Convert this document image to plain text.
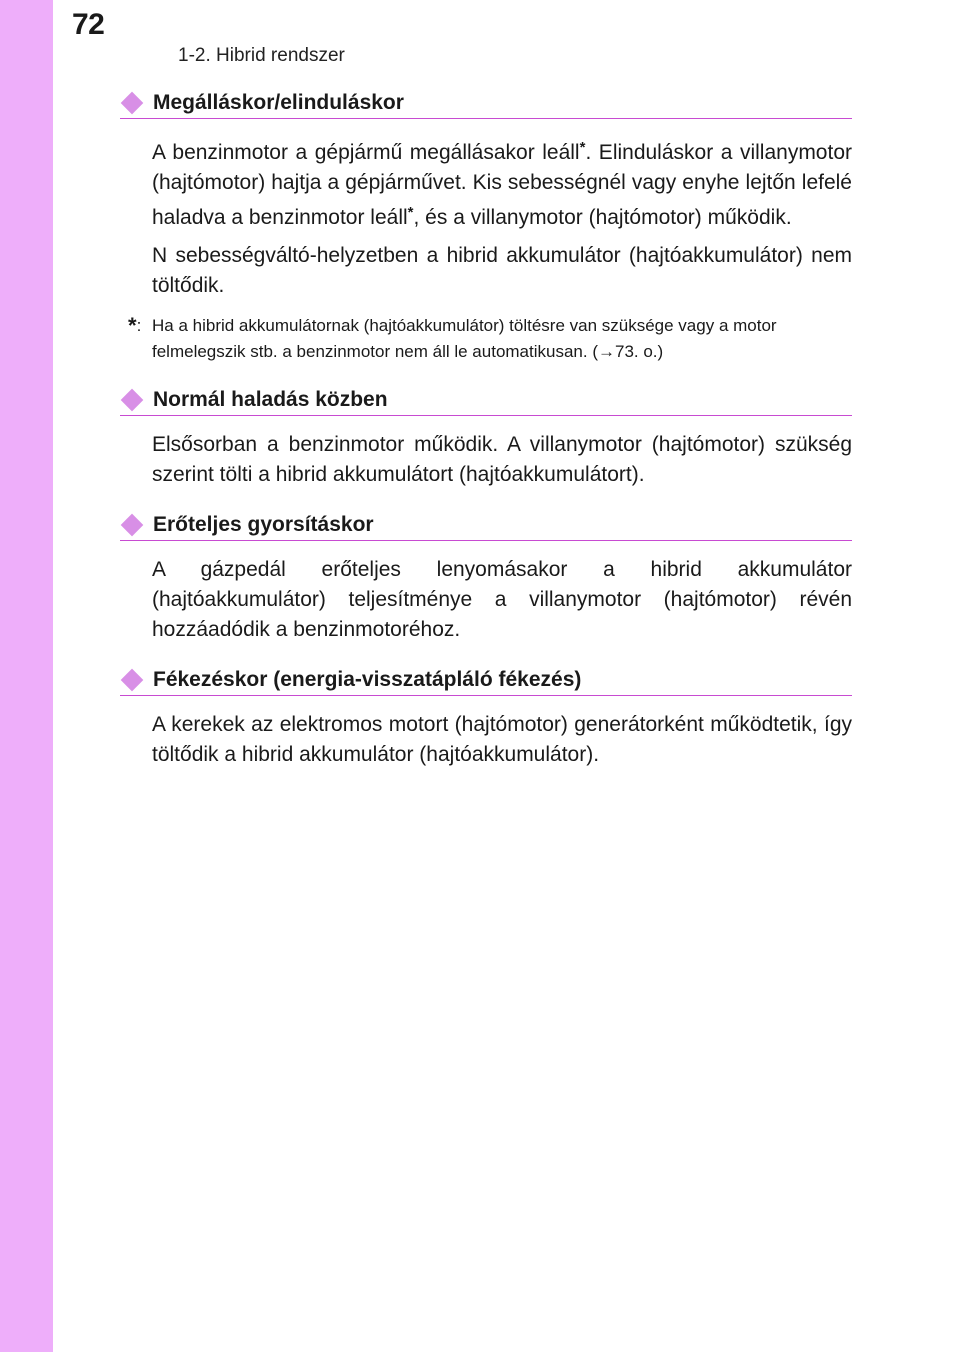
72
1-2. Hibrid rendszer
Megálláskor/elinduláskor

A benzinmotor a gépjármű megállásakor leáll*. Elinduláskor a villanymotor (hajtómotor) hajtja a gépjárművet. Kis sebességnél vagy enyhe lejtőn lefelé haladva a benzinmotor leáll*, és a villanymotor (hajtómotor) működik.

N sebességváltó-helyzetben a hibrid akkumulátor (hajtóakkumulátor) nem töltődik.

*: Ha a hibrid akkumulátornak (hajtóakkumulátor) töltésre van szüksége vagy a motor felmelegszik stb. a benzinmotor nem áll le automatikusan. (→73. o.)
Normál haladás közben

Elsősorban a benzinmotor működik. A villanymotor (hajtómotor) szükség szerint tölti a hibrid akkumulátort (hajtóakkumulátort).

Erőteljes gyorsításkor

A gázpedál erőteljes lenyomásakor a hibrid akkumulátor (hajtóakkumulátor) teljesítménye a villanymotor (hajtómotor) révén hozzáadódik a benzinmotoréhoz.

Fékezéskor (energia-visszatápláló fékezés)

A kerekek az elektromos motort (hajtómotor) generátorként működtetik, így töltődik a hibrid akkumulátor (hajtóakkumulátor).
